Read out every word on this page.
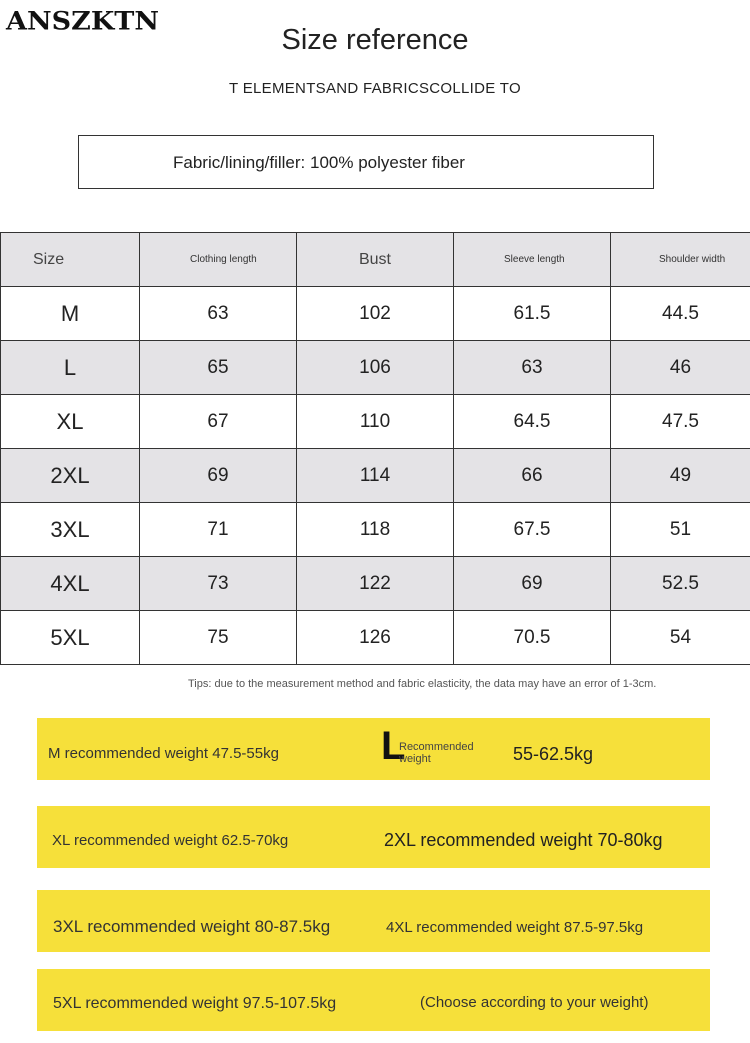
ANSZKTN
Size reference
T ELEMENTSAND FABRICSCOLLIDE TO
Fabric/lining/filler: 100% polyester fiber
Size	Clothing length	Bust	Sleeve length	Shoulder width
M	63	102	61.5	44.5
L	65	106	63	46
XL	67	110	64.5	47.5
2XL	69	114	66	49
3XL	71	118	67.5	51
4XL	73	122	69	52.5
5XL	75	126	70.5	54
Tips: due to the measurement method and fabric elasticity, the data may have an error of 1-3cm.
M recommended weight 47.5-55kg	L
Recommended weight	55-62.5kg
XL recommended weight 62.5-70kg	2XL recommended weight 70-80kg
3XL recommended weight 80-87.5kg	4XL recommended weight 87.5-97.5kg
5XL recommended weight 97.5-107.5kg	(Choose according to your weight)
